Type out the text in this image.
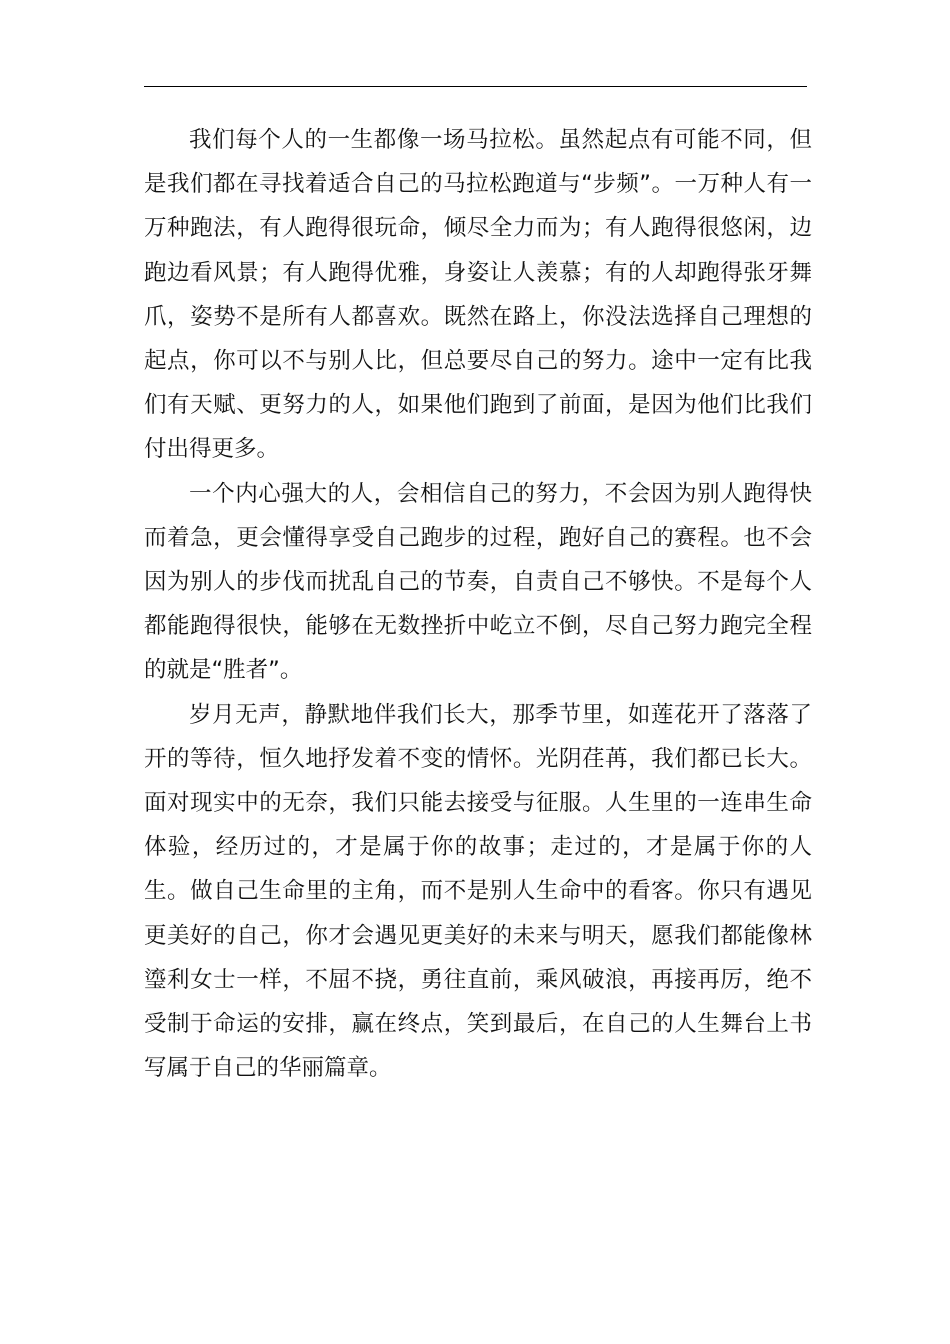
我们每个人的一生都像一场马拉松。虽然起点有可能不同，但是我们都在寻找着适合自己的马拉松跑道与“步频”。一万种人有一万种跑法，有人跑得很玩命，倾尽全力而为；有人跑得很悠闲，边跑边看风景；有人跑得优雅，身姿让人羡慕；有的人却跑得张牙舞爪，姿势不是所有人都喜欢。既然在路上，你没法选择自己理想的起点，你可以不与别人比，但总要尽自己的努力。途中一定有比我们有天赋、更努力的人，如果他们跑到了前面，是因为他们比我们付出得更多。

一个内心强大的人，会相信自己的努力，不会因为别人跑得快而着急，更会懂得享受自己跑步的过程，跑好自己的赛程。也不会因为别人的步伐而扰乱自己的节奏，自责自己不够快。不是每个人都能跑得很快，能够在无数挫折中屹立不倒，尽自己努力跑完全程的就是“胜者”。

岁月无声，静默地伴我们长大，那季节里，如莲花开了落落了开的等待，恒久地抒发着不变的情怀。光阴荏苒，我们都已长大。面对现实中的无奈，我们只能去接受与征服。人生里的一连串生命体验，经历过的，才是属于你的故事；走过的，才是属于你的人生。做自己生命里的主角，而不是别人生命中的看客。你只有遇见更美好的自己，你才会遇见更美好的未来与明天，愿我们都能像林瑬利女士一样，不屈不挠，勇往直前，乘风破浪，再接再厉，绝不受制于命运的安排，赢在终点，笑到最后，在自己的人生舞台上书写属于自己的华丽篇章。
